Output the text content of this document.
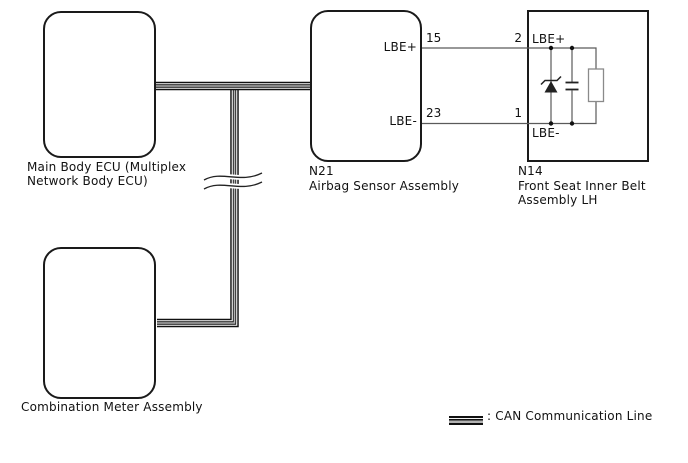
Main Body ECU (Multiplex
Network Body ECU)
Combination Meter Assembly
N21
Airbag Sensor Assembly
N14
Front Seat Inner Belt
Assembly LH
LBE+
LBE-
15
23
2
1
LBE+
LBE-
: CAN Communication Line
